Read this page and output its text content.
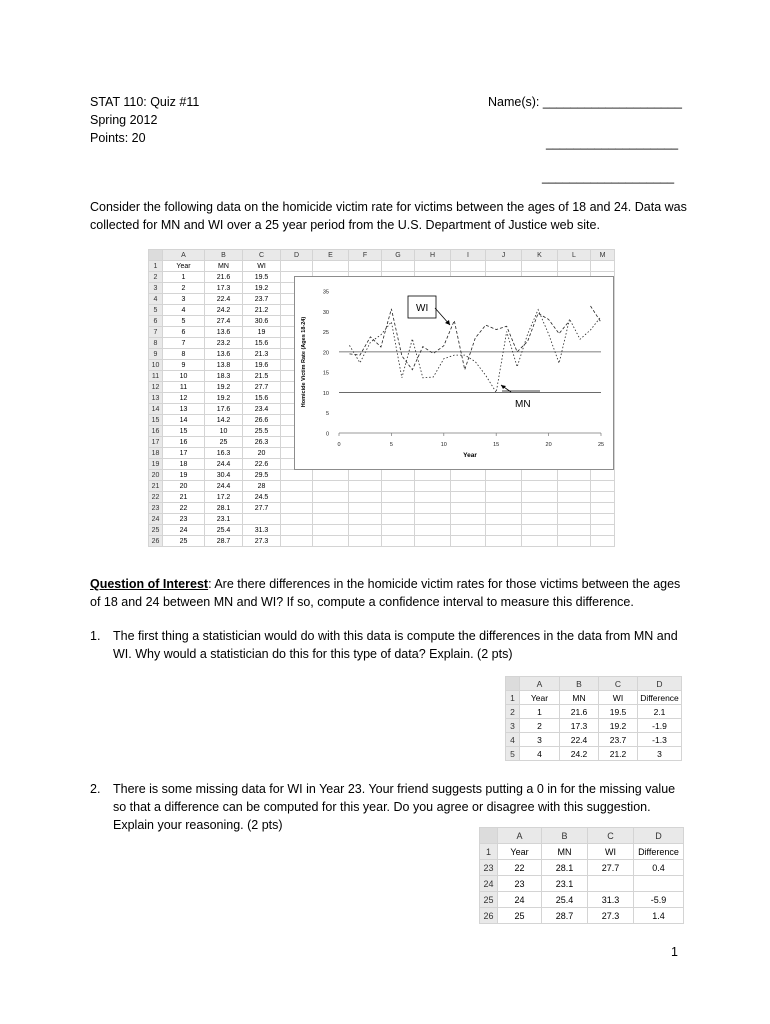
STAT 110: Quiz #11
Spring 2012
Points: 20
Name(s): ____________________
___________________
___________________
Consider the following data on the homicide victim rate for victims between the ages of 18 and 24. Data was collected for MN and WI over a 25 year period from the U.S. Department of Justice web site.
	A	B	C	D	E	F	G	H	I	J	K	L	M	
1	Year	MN	WI											
2	1	21.6	19.5											
3	2	17.3	19.2											
4	3	22.4	23.7											
5	4	24.2	21.2											
6	5	27.4	30.6											
7	6	13.6	19											
8	7	23.2	15.6											
9	8	13.6	21.3											
10	9	13.8	19.6											
11	10	18.3	21.5											
12	11	19.2	27.7											
13	12	19.2	15.6											
14	13	17.6	23.4											
15	14	14.2	26.6											
16	15	10	25.5											
17	16	25	26.3											
18	17	16.3	20											
19	18	24.4	22.6											
20	19	30.4	29.5											
21	20	24.4	28											
22	21	17.2	24.5											
23	22	28.1	27.7											
24	23	23.1												
25	24	25.4	31.3											
26	25	28.7	27.3											
35
30
25
20
15
10
5
0
0	5	10	15	20	25
Year
Homicide Victim Rate (Ages 18-24)
WI
MN
Question of Interest: Are there differences in the homicide victim rates for those victims between the ages of 18 and 24 between MN and WI? If so, compute a confidence interval to measure this difference.
1. The first thing a statistician would do with this data is compute the differences in the data from MN and WI. Why would a statistician do this for this type of data? Explain. (2 pts)
	A	B	C	D
1	Year	MN	WI	Difference
2	1	21.6	19.5	2.1
3	2	17.3	19.2	-1.9
4	3	22.4	23.7	-1.3
5	4	24.2	21.2	3
2. There is some missing data for WI in Year 23. Your friend suggests putting a 0 in for the missing value so that a difference can be computed for this year. Do you agree or disagree with this suggestion. Explain your reasoning. (2 pts)
	A	B	C	D
1	Year	MN	WI	Difference
23	22	28.1	27.7	0.4
24	23	23.1		
25	24	25.4	31.3	-5.9
26	25	28.7	27.3	1.4
1
